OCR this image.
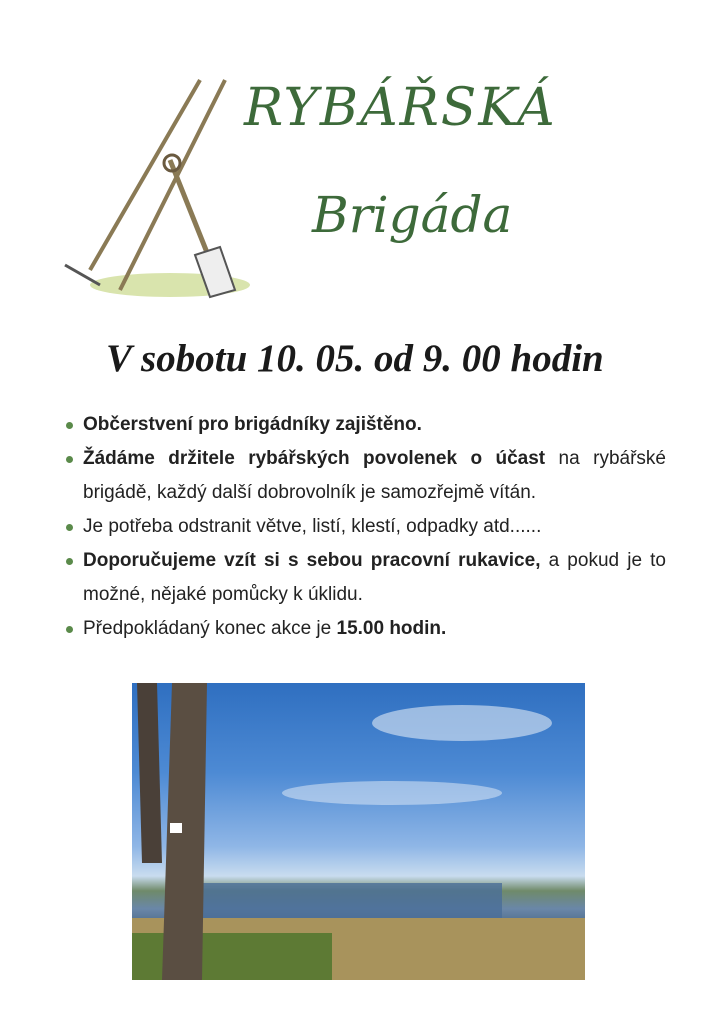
RYBÁŘSKÁ
Brigáda
V sobotu 10. 05. od 9. 00 hodin
Občerstvení pro brigádníky zajištěno.
Žádáme držitele rybářských povolenek o účast na rybářské brigádě, každý další dobrovolník je samozřejmě vítán.
Je potřeba odstranit větve, listí, klestí, odpadky atd......
Doporučujeme vzít si s sebou pracovní rukavice, a pokud je to možné, nějaké pomůcky k úklidu.
Předpokládaný konec akce je 15.00 hodin.
